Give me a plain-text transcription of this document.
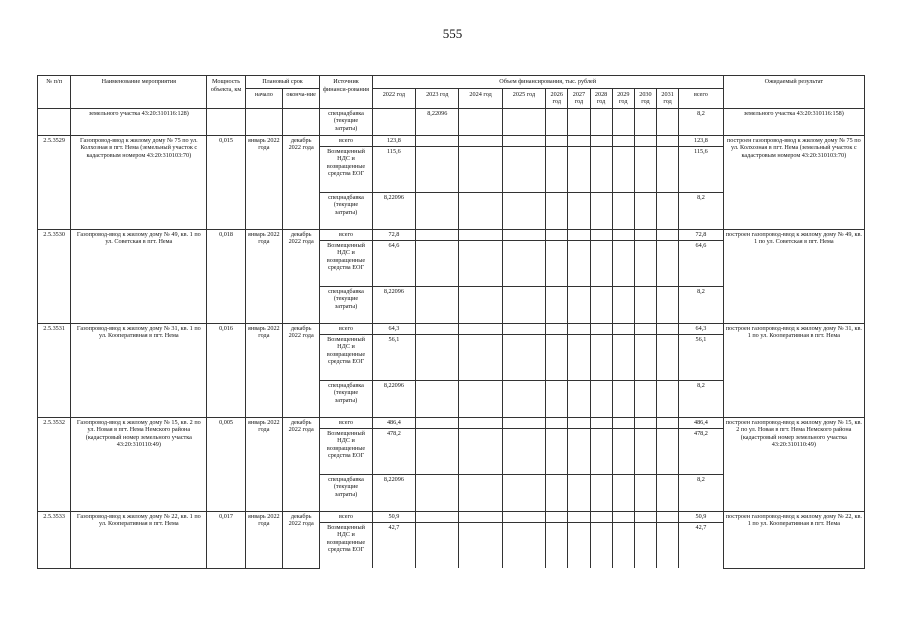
555
№ п/п	Наименование мероприятия	Мощность объекта, км	Плановый срок		Источник финанси-рования	Объем финансирования, тыс. рублей											Ожидаемый результат
			начало	оконча-ние		2022 год	2023 год	2024 год	2025 год	2026 год	2027 год	2028 год	2029 год	2030 год	2031 год	всего	
	земельного участка 43:20:310116:128)				спецнадбавка (текущие затраты)		8,22096									8,2	земельного участка 43:20:310116:158)
2.5.3529	Газопровод-ввод к жилому дому № 75 по ул. Колхозная в пгт. Нема (земельный участок с кадастровым номером 43:20:310103:70)	0,015	январь 2022 года	декабрь 2022 года	всего	123,8										123,8	построен газопровод-ввод к жилому дому № 75 по ул. Колхозная в пгт. Нема (земельный участок с кадастровым номером 43:20:310103:70)
					Возмещенный НДС и возвращенные средства ЕОГ	115,6										115,6	
					спецнадбавка (текущие затраты)	8,22096										8,2	
2.5.3530	Газопровод-ввод к жилому дому № 49, кв. 1 по ул. Советская в пгт. Нема	0,018	январь 2022 года	декабрь 2022 года	всего	72,8										72,8	построен газопровод-ввод к жилому дому № 49, кв. 1 по ул. Советская в пгт. Нема
					Возмещенный НДС и возвращенные средства ЕОГ	64,6										64,6	
					спецнадбавка (текущие затраты)	8,22096										8,2	
2.5.3531	Газопровод-ввод к жилому дому № 31, кв. 1 по ул. Кооперативная в пгт. Нема	0,016	январь 2022 года	декабрь 2022 года	всего	64,3										64,3	построен газопровод-ввод к жилому дому № 31, кв. 1 по ул. Кооперативная в пгт. Нема
					Возмещенный НДС и возвращенные средства ЕОГ	56,1										56,1	
					спецнадбавка (текущие затраты)	8,22096										8,2	
2.5.3532	Газопровод-ввод к жилому дому № 15, кв. 2 по ул. Новая в пгт. Нема Немского района (кадастровый номер земельного участка 43:20:310110:49)	0,005	январь 2022 года	декабрь 2022 года	всего	486,4										486,4	построен газопровод-ввод к жилому дому № 15, кв. 2 по ул. Новая в пгт. Нема Немского района (кадастровый номер земельного участка 43:20:310110:49)
					Возмещенный НДС и возвращенные средства ЕОГ	478,2										478,2	
					спецнадбавка (текущие затраты)	8,22096										8,2	
2.5.3533	Газопровод-ввод к жилому дому № 22, кв. 1 по ул. Кооперативная в пгт. Нема	0,017	январь 2022 года	декабрь 2022 года	всего	50,9										50,9	построен газопровод-ввод к жилому дому № 22, кв. 1 по ул. Кооперативная в пгт. Нема
					Возмещенный НДС и возвращенные средства ЕОГ	42,7										42,7	
